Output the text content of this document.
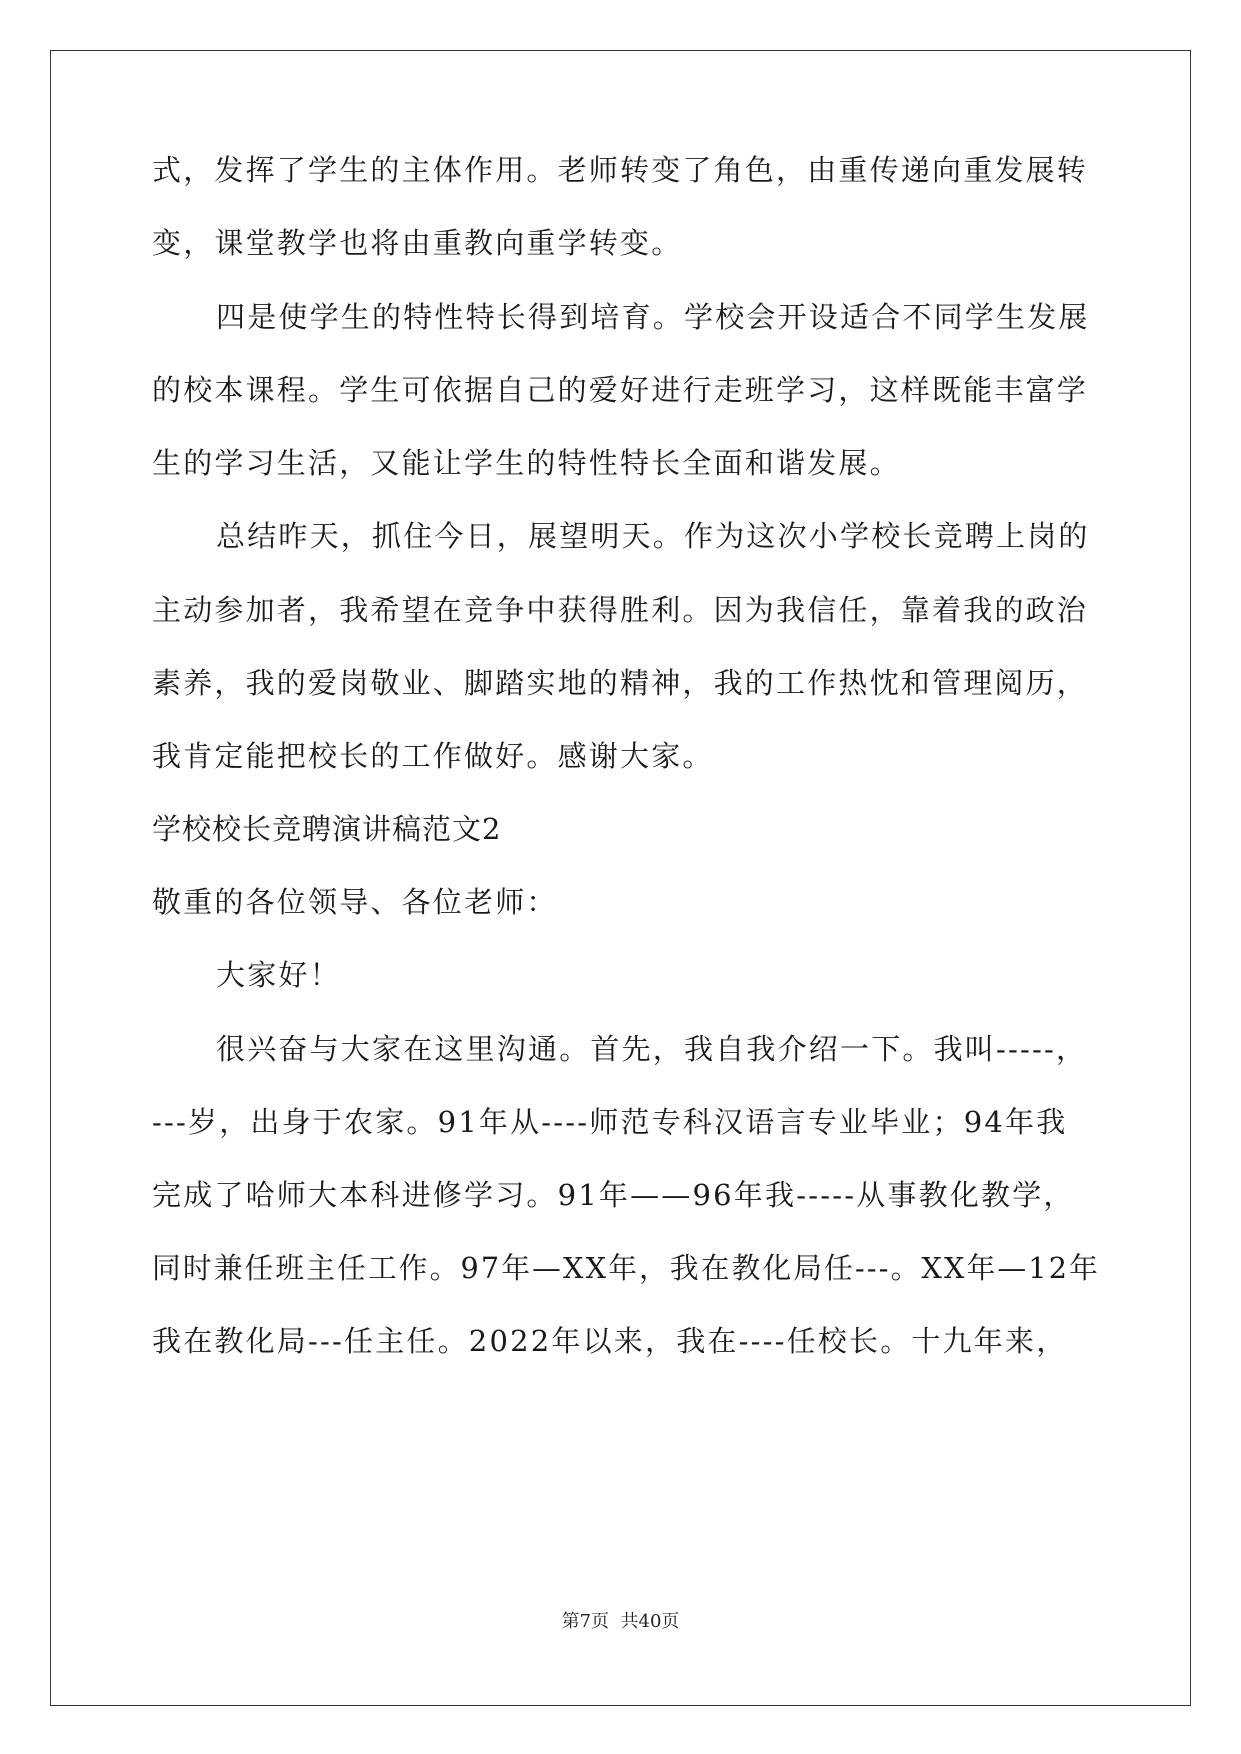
式，发挥了学生的主体作用。老师转变了角色，由重传递向重发展转
变，课堂教学也将由重教向重学转变。
四是使学生的特性特长得到培育。学校会开设适合不同学生发展
的校本课程。学生可依据自己的爱好进行走班学习，这样既能丰富学
生的学习生活，又能让学生的特性特长全面和谐发展。
总结昨天，抓住今日，展望明天。作为这次小学校长竞聘上岗的
主动参加者，我希望在竞争中获得胜利。因为我信任，靠着我的政治
素养，我的爱岗敬业、脚踏实地的精神，我的工作热忱和管理阅历，
我肯定能把校长的工作做好。感谢大家。
学校校长竞聘演讲稿范文2
敬重的各位领导、各位老师：
大家好！
很兴奋与大家在这里沟通。首先，我自我介绍一下。我叫-----，
---岁，出身于农家。91年从----师范专科汉语言专业毕业；94年我
完成了哈师大本科进修学习。91年——96年我-----从事教化教学，
同时兼任班主任工作。97年—XX年，我在教化局任---。XX年—12年
我在教化局---任主任。2022年以来，我在----任校长。十九年来，
第7页  共40页
